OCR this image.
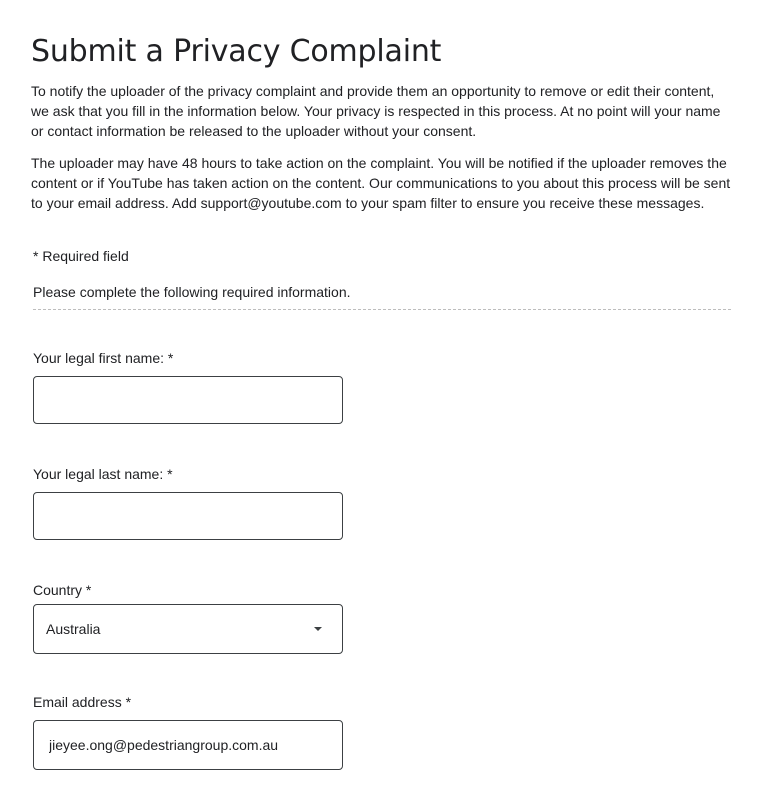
Submit a Privacy Complaint

To notify the uploader of the privacy complaint and provide them an opportunity to remove or edit their content, we ask that you fill in the information below. Your privacy is respected in this process. At no point will your name or contact information be released to the uploader without your consent.

The uploader may have 48 hours to take action on the complaint. You will be notified if the uploader removes the content or if YouTube has taken action on the content. Our communications to you about this process will be sent to your email address. Add support@youtube.com to your spam filter to ensure you receive these messages.

* Required field
Please complete the following required information.
Your legal first name: *
Your legal last name: *
Country *
Australia
Email address *
jieyee.ong@pedestriangroup.com.au
